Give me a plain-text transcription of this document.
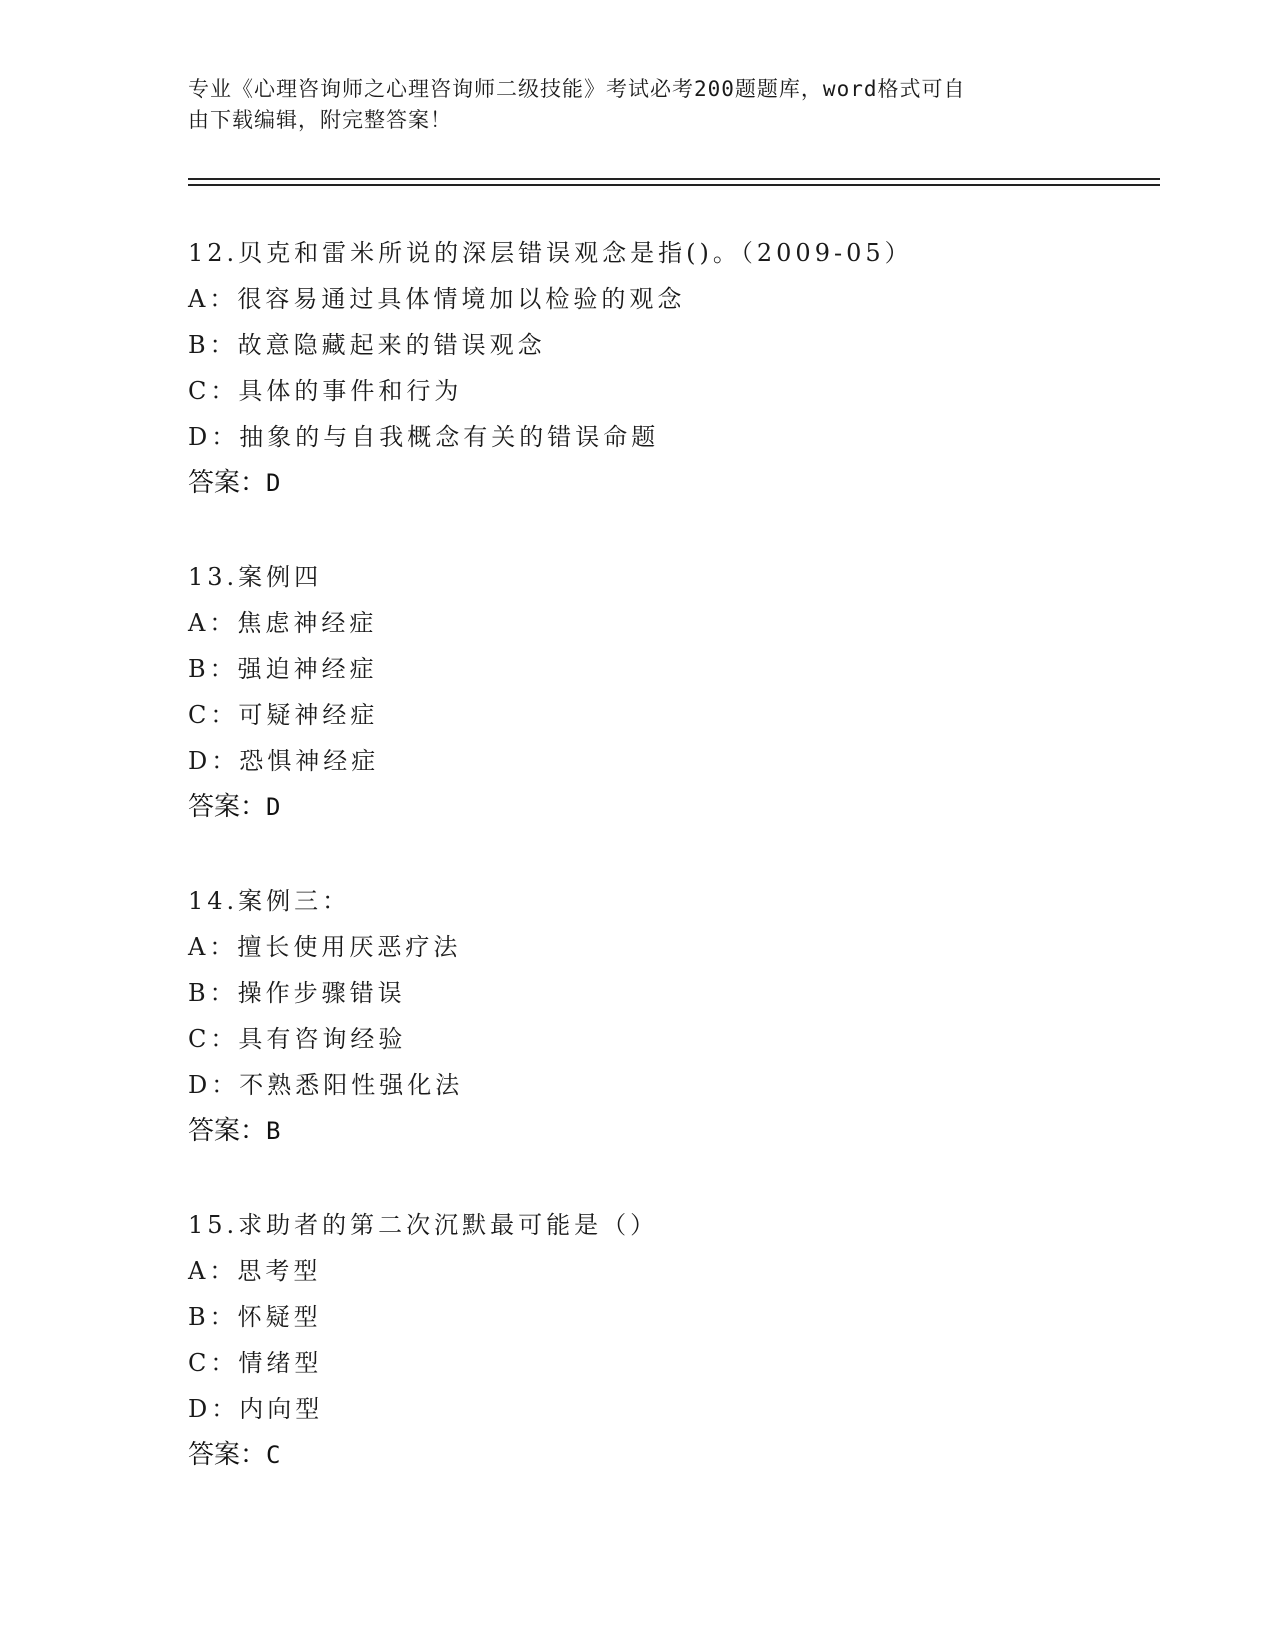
专业《心理咨询师之心理咨询师二级技能》考试必考200题题库，word格式可自
由下载编辑，附完整答案！
12.贝克和雷米所说的深层错误观念是指()。（2009-05）
A：很容易通过具体情境加以检验的观念
B：故意隐藏起来的错误观念
C：具体的事件和行为
D：抽象的与自我概念有关的错误命题
答案：D
13.案例四
A：焦虑神经症
B：强迫神经症
C：可疑神经症
D：恐惧神经症
答案：D
14.案例三：
A：擅长使用厌恶疗法
B：操作步骤错误
C：具有咨询经验
D：不熟悉阳性强化法
答案：B
15.求助者的第二次沉默最可能是（）
A：思考型
B：怀疑型
C：情绪型
D：内向型
答案：C
